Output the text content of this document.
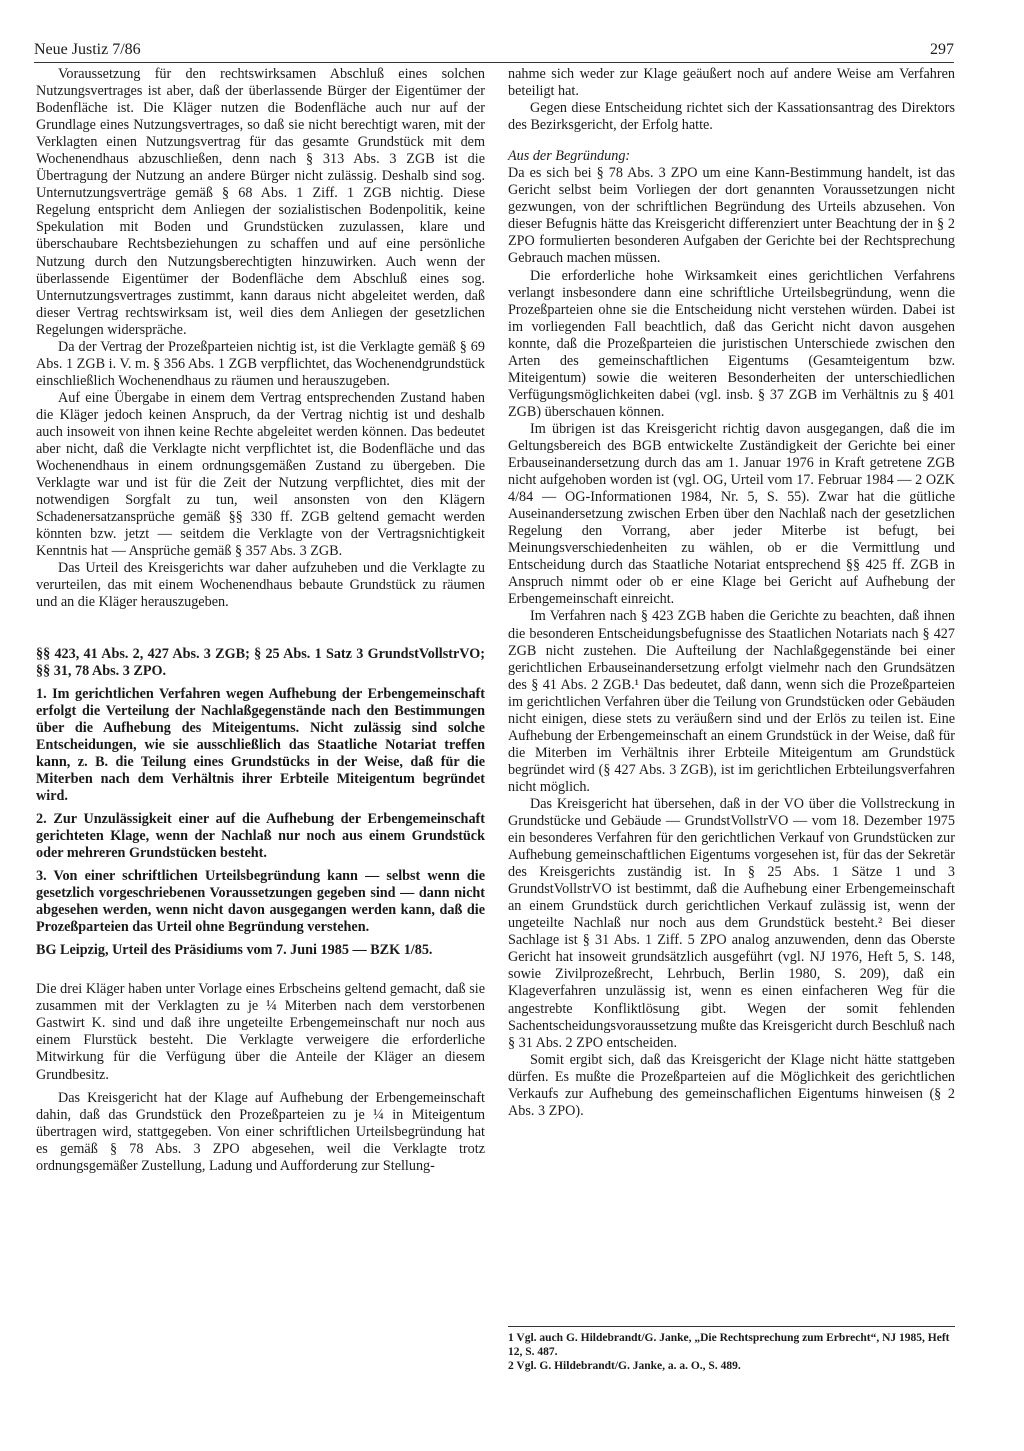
Neue Justiz 7/86	297

Voraussetzung für den rechtswirksamen Abschluß eines solchen Nutzungsvertrages ist aber, daß der überlassende Bürger der Eigentümer der Bodenfläche ist. Die Kläger nutzen die Bodenfläche auch nur auf der Grundlage eines Nutzungsvertrages, so daß sie nicht berechtigt waren, mit der Verklagten einen Nutzungsvertrag für das gesamte Grundstück mit dem Wochenendhaus abzuschließen, denn nach § 313 Abs. 3 ZGB ist die Übertragung der Nutzung an andere Bürger nicht zulässig. Deshalb sind sog. Unternutzungsverträge gemäß § 68 Abs. 1 Ziff. 1 ZGB nichtig. Diese Regelung entspricht dem Anliegen der sozialistischen Bodenpolitik, keine Spekulation mit Boden und Grundstücken zuzulassen, klare und überschaubare Rechtsbeziehungen zu schaffen und auf eine persönliche Nutzung durch den Nutzungsberechtigten hinzuwirken. Auch wenn der überlassende Eigentümer der Bodenfläche dem Abschluß eines sog. Unternutzungsvertrages zustimmt, kann daraus nicht abgeleitet werden, daß dieser Vertrag rechtswirksam ist, weil dies dem Anliegen der gesetzlichen Regelungen widerspräche.

Da der Vertrag der Prozeßparteien nichtig ist, ist die Verklagte gemäß § 69 Abs. 1 ZGB i. V. m. § 356 Abs. 1 ZGB verpflichtet, das Wochenendgrundstück einschließlich Wochenendhaus zu räumen und herauszugeben.

Auf eine Übergabe in einem dem Vertrag entsprechenden Zustand haben die Kläger jedoch keinen Anspruch, da der Vertrag nichtig ist und deshalb auch insoweit von ihnen keine Rechte abgeleitet werden können. Das bedeutet aber nicht, daß die Verklagte nicht verpflichtet ist, die Bodenfläche und das Wochenendhaus in einem ordnungsgemäßen Zustand zu übergeben. Die Verklagte war und ist für die Zeit der Nutzung verpflichtet, dies mit der notwendigen Sorgfalt zu tun, weil ansonsten von den Klägern Schadenersatzansprüche gemäß §§ 330 ff. ZGB geltend gemacht werden könnten bzw. jetzt — seitdem die Verklagte von der Vertragsnichtigkeit Kenntnis hat — Ansprüche gemäß § 357 Abs. 3 ZGB.

Das Urteil des Kreisgerichts war daher aufzuheben und die Verklagte zu verurteilen, das mit einem Wochenendhaus bebaute Grundstück zu räumen und an die Kläger herauszugeben.

§§ 423, 41 Abs. 2, 427 Abs. 3 ZGB; § 25 Abs. 1 Satz 3 GrundstVollstrVO; §§ 31, 78 Abs. 3 ZPO.

1. Im gerichtlichen Verfahren wegen Aufhebung der Erbengemeinschaft erfolgt die Verteilung der Nachlaßgegenstände nach den Bestimmungen über die Aufhebung des Miteigentums. Nicht zulässig sind solche Entscheidungen, wie sie ausschließlich das Staatliche Notariat treffen kann, z. B. die Teilung eines Grundstücks in der Weise, daß für die Miterben nach dem Verhältnis ihrer Erbteile Miteigentum begründet wird.

2. Zur Unzulässigkeit einer auf die Aufhebung der Erbengemeinschaft gerichteten Klage, wenn der Nachlaß nur noch aus einem Grundstück oder mehreren Grundstücken besteht.

3. Von einer schriftlichen Urteilsbegründung kann — selbst wenn die gesetzlich vorgeschriebenen Voraussetzungen gegeben sind — dann nicht abgesehen werden, wenn nicht davon ausgegangen werden kann, daß die Prozeßparteien das Urteil ohne Begründung verstehen.

BG Leipzig, Urteil des Präsidiums vom 7. Juni 1985 — BZK 1/85.

Die drei Kläger haben unter Vorlage eines Erbscheins geltend gemacht, daß sie zusammen mit der Verklagten zu je ¼ Miterben nach dem verstorbenen Gastwirt K. sind und daß ihre ungeteilte Erbengemeinschaft nur noch aus einem Flurstück besteht. Die Verklagte verweigere die erforderliche Mitwirkung für die Verfügung über die Anteile der Kläger an diesem Grundbesitz.

Das Kreisgericht hat der Klage auf Aufhebung der Erbengemeinschaft dahin, daß das Grundstück den Prozeßparteien zu je ¼ in Miteigentum übertragen wird, stattgegeben. Von einer schriftlichen Urteilsbegründung hat es gemäß § 78 Abs. 3 ZPO abgesehen, weil die Verklagte trotz ordnungsgemäßer Zustellung, Ladung und Aufforderung zur Stellung-

nahme sich weder zur Klage geäußert noch auf andere Weise am Verfahren beteiligt hat.

Gegen diese Entscheidung richtet sich der Kassationsantrag des Direktors des Bezirksgericht, der Erfolg hatte.

Aus der Begründung:

Da es sich bei § 78 Abs. 3 ZPO um eine Kann-Bestimmung handelt, ist das Gericht selbst beim Vorliegen der dort genannten Voraussetzungen nicht gezwungen, von der schriftlichen Begründung des Urteils abzusehen. Von dieser Befugnis hätte das Kreisgericht differenziert unter Beachtung der in § 2 ZPO formulierten besonderen Aufgaben der Gerichte bei der Rechtsprechung Gebrauch machen müssen.

Die erforderliche hohe Wirksamkeit eines gerichtlichen Verfahrens verlangt insbesondere dann eine schriftliche Urteilsbegründung, wenn die Prozeßparteien ohne sie die Entscheidung nicht verstehen würden. Dabei ist im vorliegenden Fall beachtlich, daß das Gericht nicht davon ausgehen konnte, daß die Prozeßparteien die juristischen Unterschiede zwischen den Arten des gemeinschaftlichen Eigentums (Gesamteigentum bzw. Miteigentum) sowie die weiteren Besonderheiten der unterschiedlichen Verfügungsmöglichkeiten dabei (vgl. insb. § 37 ZGB im Verhältnis zu § 401 ZGB) überschauen können.

Im übrigen ist das Kreisgericht richtig davon ausgegangen, daß die im Geltungsbereich des BGB entwickelte Zuständigkeit der Gerichte bei einer Erbauseinandersetzung durch das am 1. Januar 1976 in Kraft getretene ZGB nicht aufgehoben worden ist (vgl. OG, Urteil vom 17. Februar 1984 — 2 OZK 4/84 — OG-Informationen 1984, Nr. 5, S. 55). Zwar hat die gütliche Auseinandersetzung zwischen Erben über den Nachlaß nach der gesetzlichen Regelung den Vorrang, aber jeder Miterbe ist befugt, bei Meinungsverschiedenheiten zu wählen, ob er die Vermittlung und Entscheidung durch das Staatliche Notariat entsprechend §§ 425 ff. ZGB in Anspruch nimmt oder ob er eine Klage bei Gericht auf Aufhebung der Erbengemeinschaft einreicht.

Im Verfahren nach § 423 ZGB haben die Gerichte zu beachten, daß ihnen die besonderen Entscheidungsbefugnisse des Staatlichen Notariats nach § 427 ZGB nicht zustehen. Die Aufteilung der Nachlaßgegenstände bei einer gerichtlichen Erbauseinandersetzung erfolgt vielmehr nach den Grundsätzen des § 41 Abs. 2 ZGB.¹ Das bedeutet, daß dann, wenn sich die Prozeßparteien im gerichtlichen Verfahren über die Teilung von Grundstücken oder Gebäuden nicht einigen, diese stets zu veräußern sind und der Erlös zu teilen ist. Eine Aufhebung der Erbengemeinschaft an einem Grundstück in der Weise, daß für die Miterben im Verhältnis ihrer Erbteile Miteigentum am Grundstück begründet wird (§ 427 Abs. 3 ZGB), ist im gerichtlichen Erbteilungsverfahren nicht möglich.

Das Kreisgericht hat übersehen, daß in der VO über die Vollstreckung in Grundstücke und Gebäude — GrundstVollstrVO — vom 18. Dezember 1975 ein besonderes Verfahren für den gerichtlichen Verkauf von Grundstücken zur Aufhebung gemeinschaftlichen Eigentums vorgesehen ist, für das der Sekretär des Kreisgerichts zuständig ist. In § 25 Abs. 1 Sätze 1 und 3 GrundstVollstrVO ist bestimmt, daß die Aufhebung einer Erbengemeinschaft an einem Grundstück durch gerichtlichen Verkauf zulässig ist, wenn der ungeteilte Nachlaß nur noch aus dem Grundstück besteht.² Bei dieser Sachlage ist § 31 Abs. 1 Ziff. 5 ZPO analog anzuwenden, denn das Oberste Gericht hat insoweit grundsätzlich ausgeführt (vgl. NJ 1976, Heft 5, S. 148, sowie Zivilprozeßrecht, Lehrbuch, Berlin 1980, S. 209), daß ein Klageverfahren unzulässig ist, wenn es einen einfacheren Weg für die angestrebte Konfliktlösung gibt. Wegen der somit fehlenden Sachentscheidungsvoraussetzung mußte das Kreisgericht durch Beschluß nach § 31 Abs. 2 ZPO entscheiden.

Somit ergibt sich, daß das Kreisgericht der Klage nicht hätte stattgeben dürfen. Es mußte die Prozeßparteien auf die Möglichkeit des gerichtlichen Verkaufs zur Aufhebung des gemeinschaflichen Eigentums hinweisen (§ 2 Abs. 3 ZPO).

1 Vgl. auch G. Hildebrandt/G. Janke, „Die Rechtsprechung zum Erbrecht“, NJ 1985, Heft 12, S. 487.
2 Vgl. G. Hildebrandt/G. Janke, a. a. O., S. 489.
